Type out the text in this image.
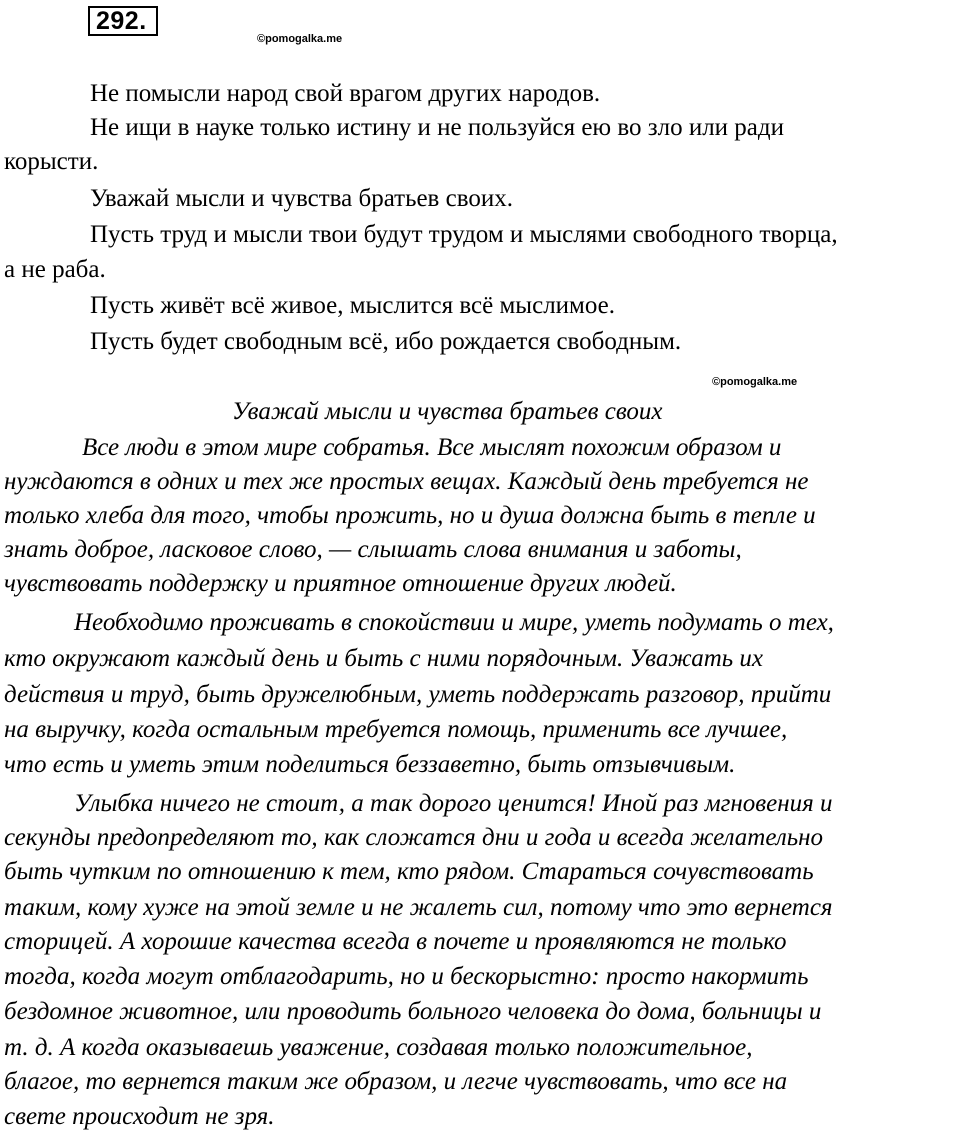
292.
©pomogalka.me
Не помысли народ свой врагом других народов.
Не ищи в науке только истину и не пользуйся ею во зло или ради
корысти.
Уважай мысли и чувства братьев своих.
Пусть труд и мысли твои будут трудом и мыслями свободного творца,
а не раба.
Пусть живёт всё живое, мыслится всё мыслимое.
Пусть будет свободным всё, ибо рождается свободным.
©pomogalka.me
Уважай мысли и чувства братьев своих
Все люди в этом мире собратья. Все мыслят похожим образом и
нуждаются в одних и тех же простых вещах. Каждый день требуется не
только хлеба для того, чтобы прожить, но и душа должна быть в тепле и
знать доброе, ласковое слово, — слышать слова внимания и заботы,
чувствовать поддержку и приятное отношение других людей.
Необходимо проживать в спокойствии и мире, уметь подумать о тех,
кто окружают каждый день и быть с ними порядочным. Уважать их
действия и труд, быть дружелюбным, уметь поддержать разговор, прийти
на выручку, когда остальным требуется помощь, применить все лучшее,
что есть и уметь этим поделиться беззаветно, быть отзывчивым.
Улыбка ничего не стоит, а так дорого ценится! Иной раз мгновения и
секунды предопределяют то, как сложатся дни и года и всегда желательно
быть чутким по отношению к тем, кто рядом. Стараться сочувствовать
таким, кому хуже на этой земле и не жалеть сил, потому что это вернется
сторицей. А хорошие качества всегда в почете и проявляются не только
тогда, когда могут отблагодарить, но и бескорыстно: просто накормить
бездомное животное, или проводить больного человека до дома, больницы и
т. д. А когда оказываешь уважение, создавая только положительное,
благое, то вернется таким же образом, и легче чувствовать, что все на
свете происходит не зря.
